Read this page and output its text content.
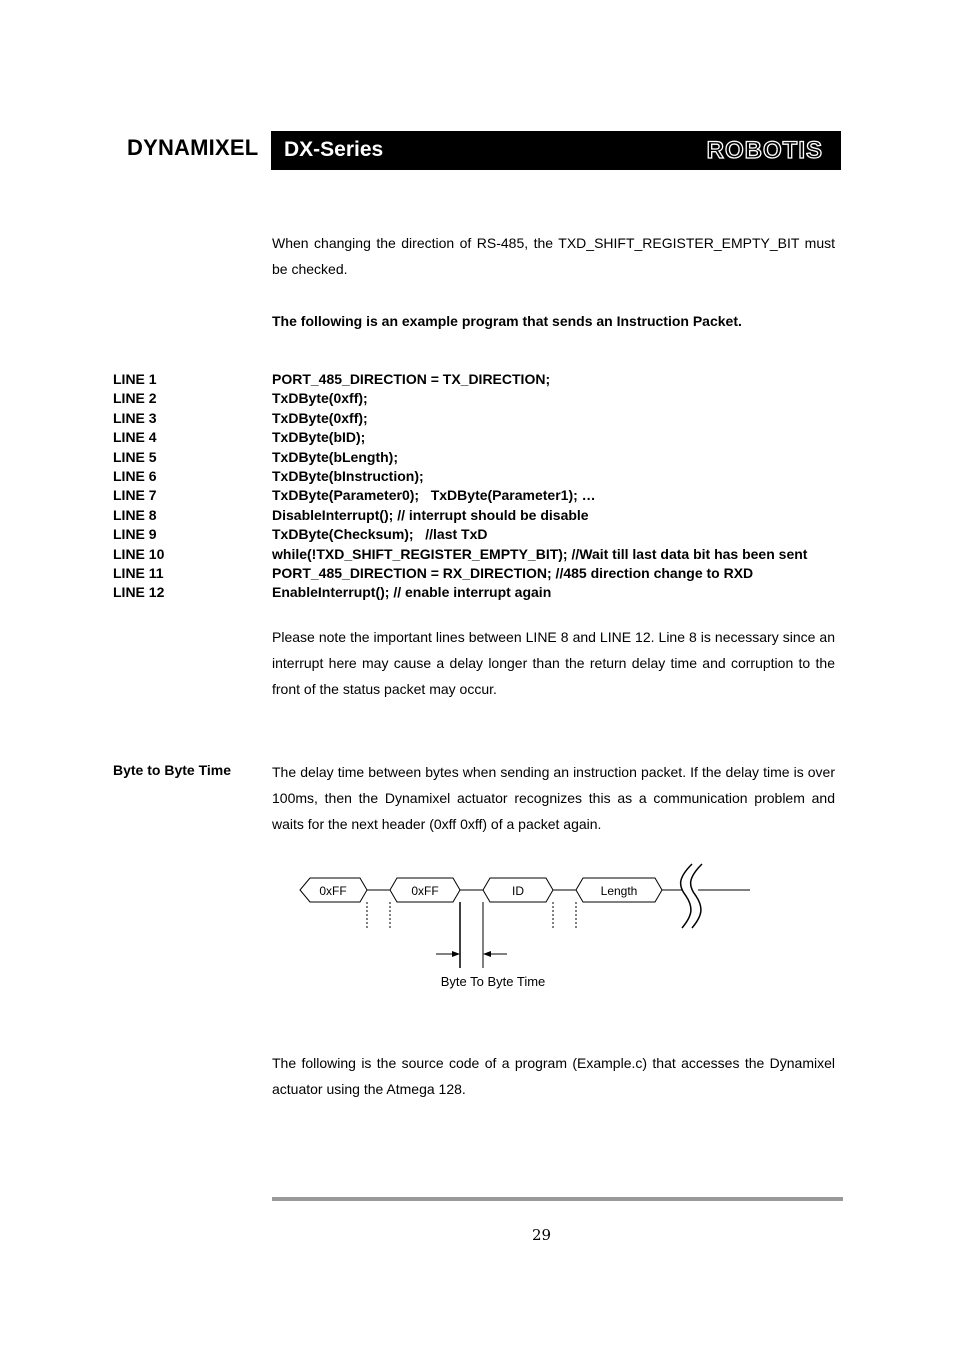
DYNAMIXEL DX-Series	ROBOTIS

When changing the direction of RS-485, the TXD_SHIFT_REGISTER_EMPTY_BIT must be checked.

The following is an example program that sends an Instruction Packet.

LINE 1	PORT_485_DIRECTION = TX_DIRECTION;
LINE 2	TxDByte(0xff);
LINE 3	TxDByte(0xff);
LINE 4	TxDByte(bID);
LINE 5	TxDByte(bLength);
LINE 6	TxDByte(bInstruction);
LINE 7	TxDByte(Parameter0);   TxDByte(Parameter1); …
LINE 8	DisableInterrupt(); // interrupt should be disable
LINE 9	TxDByte(Checksum);   //last TxD
LINE 10	while(!TXD_SHIFT_REGISTER_EMPTY_BIT); //Wait till last data bit has been sent
LINE 11	PORT_485_DIRECTION = RX_DIRECTION; //485 direction change to RXD
LINE 12	EnableInterrupt(); // enable interrupt again

Please note the important lines between LINE 8 and LINE 12. Line 8 is necessary since an interrupt here may cause a delay longer than the return delay time and corruption to the front of the status packet may occur.

Byte to Byte Time	The delay time between bytes when sending an instruction packet. If the delay time is over 100ms, then the Dynamixel actuator recognizes this as a communication problem and waits for the next header (0xff 0xff) of a packet again.

0xFF	0xFF	ID	Length
Byte To Byte Time

The following is the source code of a program (Example.c) that accesses the Dynamixel actuator using the Atmega 128.

29
